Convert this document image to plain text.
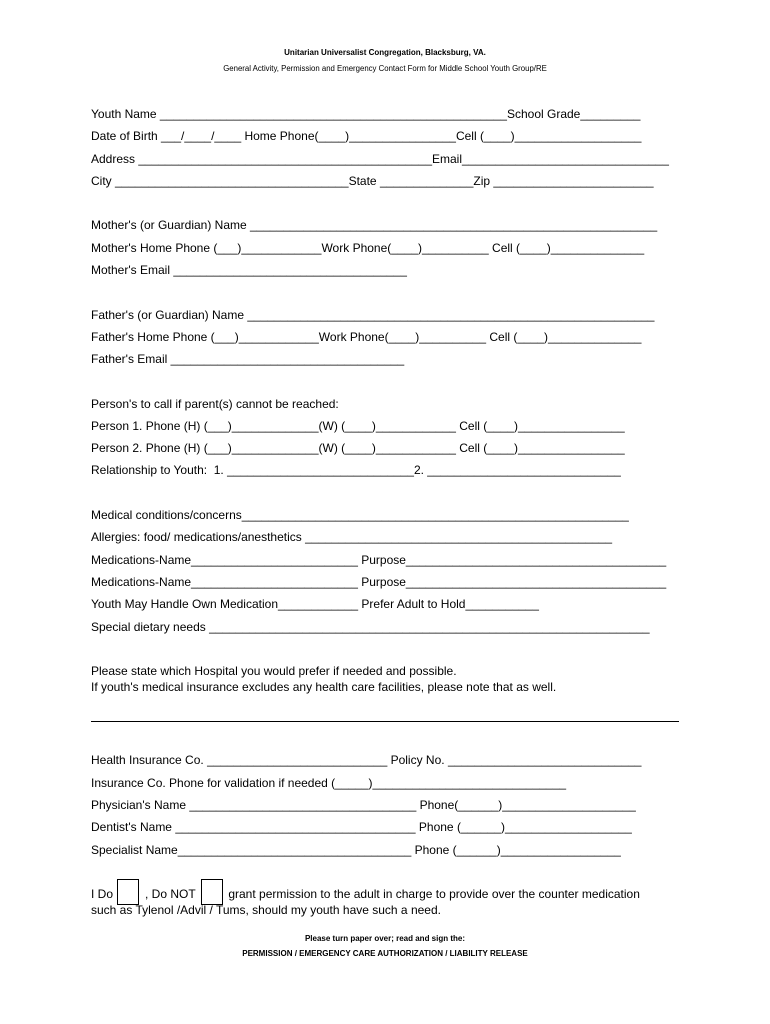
Unitarian Universalist Congregation, Blacksburg, VA.
General Activity, Permission and Emergency Contact Form for Middle School Youth Group/RE
Youth Name ____________________________________________________School Grade_________
Date of Birth ___/____/____ Home Phone(____)________________Cell (____)___________________
Address ____________________________________________Email_______________________________
City ___________________________________State ______________Zip ________________________
Mother's (or Guardian) Name _____________________________________________________________
Mother's Home Phone (___)____________Work Phone(____)__________ Cell (____)______________
Mother's Email ___________________________________
Father's (or Guardian) Name _____________________________________________________________
Father's Home Phone (___)____________Work Phone(____)__________ Cell (____)______________
Father's Email ___________________________________
Person's to call if parent(s) cannot be reached:
Person 1. Phone (H) (___)_____________(W) (____)____________ Cell (____)________________
Person 2. Phone (H) (___)_____________(W) (____)____________ Cell (____)________________
Relationship to Youth:  1. ____________________________2. _____________________________
Medical conditions/concerns__________________________________________________________
Allergies: food/ medications/anesthetics ______________________________________________
Medications-Name_________________________ Purpose_______________________________________
Medications-Name_________________________ Purpose_______________________________________
Youth May Handle Own Medication____________ Prefer Adult to Hold___________
Special dietary needs __________________________________________________________________
Please state which Hospital you would prefer if needed and possible.
If youth's medical insurance excludes any health care facilities, please note that as well.
Health Insurance Co. ___________________________ Policy No. _____________________________
Insurance Co. Phone for validation if needed (_____)_____________________________
Physician's Name __________________________________ Phone(______)____________________
Dentist's Name ____________________________________ Phone (______)___________________
Specialist Name___________________________________ Phone (______)__________________
I Do	, Do NOT grant permission to the adult in charge to provide over the counter medication
such as Tylenol /Advil / Tums, should my youth have such a need.
Please turn paper over; read and sign the:
PERMISSION / EMERGENCY CARE AUTHORIZATION / LIABILITY RELEASE
